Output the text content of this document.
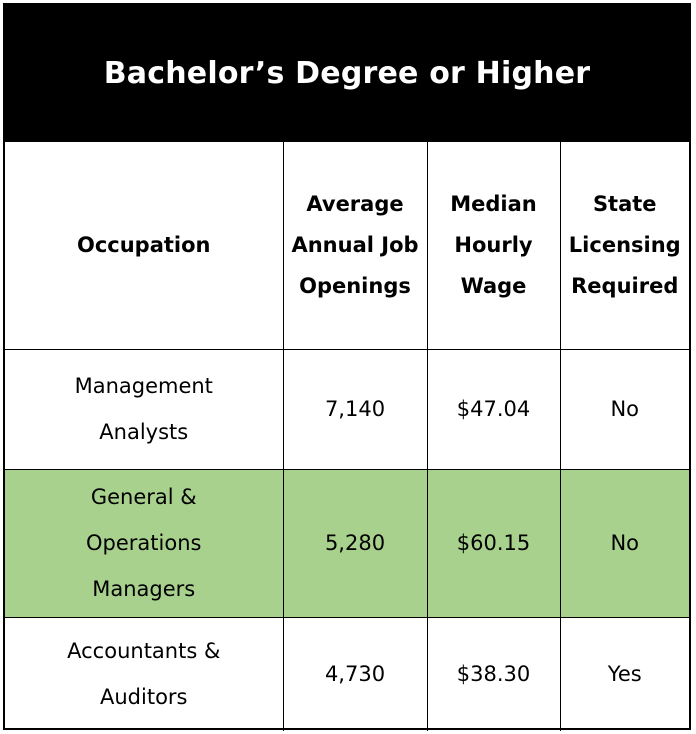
Bachelor’s Degree or Higher
Occupation	Average Annual Job Openings	Median Hourly Wage	State Licensing Required

Management Analysts	7,140	$47.04	No

General & Operations Managers	5,280	$60.15	No

Accountants & Auditors	4,730	$38.30	Yes
